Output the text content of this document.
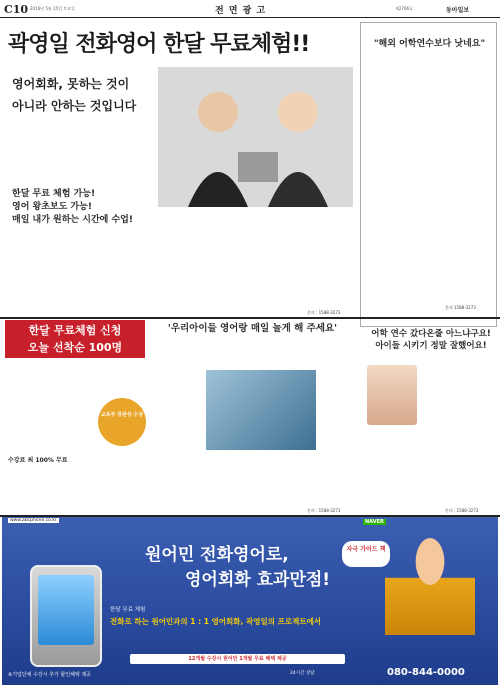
C10 2016년 5월 15일 토요일	전 면 광 고	제2766호	동아일보
곽영일 전화영어 한달 무료체험!!
영어회화, 못하는 것이
아니라 안하는 것입니다
한달 무료 체험 가능!
영어 왕초보도 가능!
매일 내가 원하는 시간에 수업!
문의 : 1588-3273
"해외 어학연수보다 낫네요"
문의 1588-3273
한달 무료체험 신청
오늘 선착순 100명
'우리아이들 영어랑 매일 놀게 해 주세요'
교육부 장관상 수상
수강료 최 100% 무료
문의 : 1588-3273
어학 연수 갔다온줄 아느냐구요!
아이들 시키기 정말 잘했어요!
문의 : 1588-3273
www.abcphone.co.kr	NAVER
원어민 전화영어로,
영어회화 효과만점!
자극 가이드 책
한달 무료 체험
전화로 하는 원어민과의 1 : 1 영어회화, 곽영일의 프로젝트에서
12개월 수강시 원어민 1개월 무료 혜택 제공
※기업단체 수강시 추가 할인혜택 제공	24시간 상담	080-844-0000
